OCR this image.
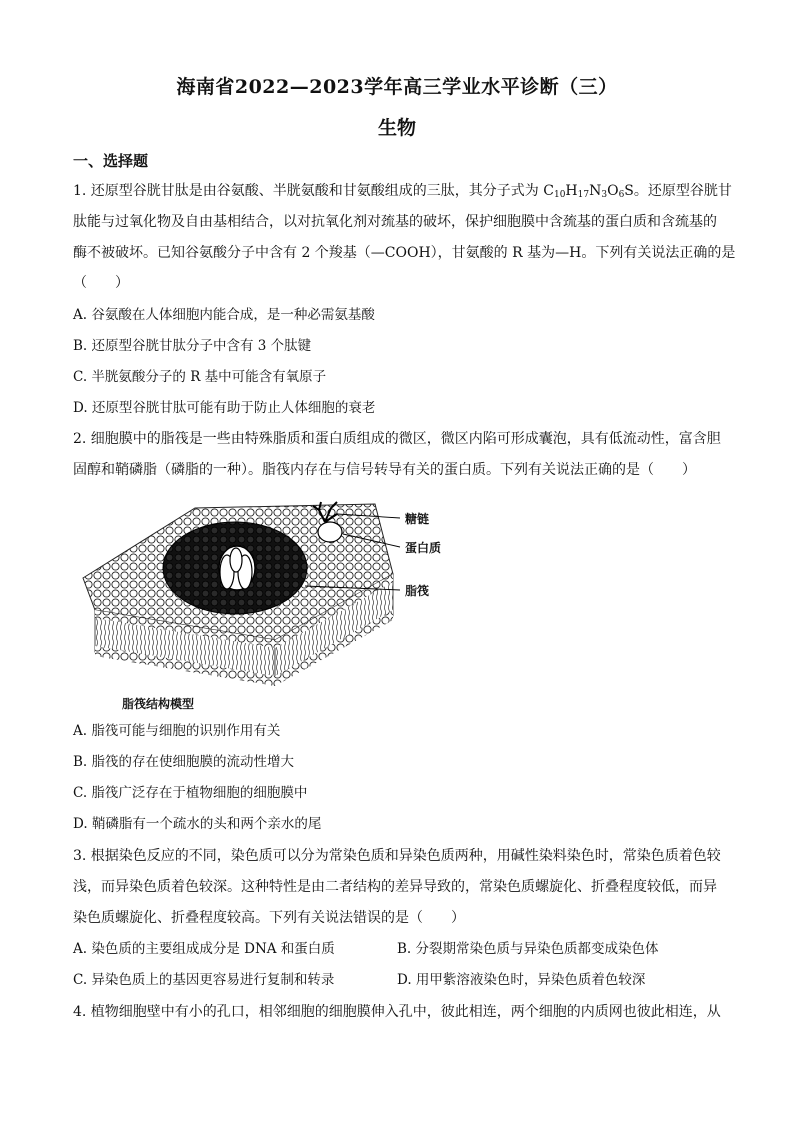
海南省2022—2023学年高三学业水平诊断（三）
生物
一、选择题
1. 还原型谷胱甘肽是由谷氨酸、半胱氨酸和甘氨酸组成的三肽，其分子式为 $C_{10}H_{17}N_3O_6S$。还原型谷胱甘
肽能与过氧化物及自由基相结合，以对抗氧化剂对巯基的破坏，保护细胞膜中含巯基的蛋白质和含巯基的
酶不被破坏。已知谷氨酸分子中含有 2 个羧基（—COOH），甘氨酸的 R 基为—H。下列有关说法正确的是
（　　）
A. 谷氨酸在人体细胞内能合成，是一种必需氨基酸
B. 还原型谷胱甘肽分子中含有 3 个肽键
C. 半胱氨酸分子的 R 基中可能含有氧原子
D. 还原型谷胱甘肽可能有助于防止人体细胞的衰老
2. 细胞膜中的脂筏是一些由特殊脂质和蛋白质组成的微区，微区内陷可形成囊泡，具有低流动性，富含胆
固醇和鞘磷脂（磷脂的一种）。脂筏内存在与信号转导有关的蛋白质。下列有关说法正确的是（　　）
糖链
蛋白质
脂筏
脂筏结构模型
A. 脂筏可能与细胞的识别作用有关
B. 脂筏的存在使细胞膜的流动性增大
C. 脂筏广泛存在于植物细胞的细胞膜中
D. 鞘磷脂有一个疏水的头和两个亲水的尾
3. 根据染色反应的不同，染色质可以分为常染色质和异染色质两种，用碱性染料染色时，常染色质着色较
浅，而异染色质着色较深。这种特性是由二者结构的差异导致的，常染色质螺旋化、折叠程度较低，而异
染色质螺旋化、折叠程度较高。下列有关说法错误的是（　　）
A. 染色质的主要组成成分是 DNA 和蛋白质	B. 分裂期常染色质与异染色质都变成染色体
C. 异染色质上的基因更容易进行复制和转录	D. 用甲紫溶液染色时，异染色质着色较深
4. 植物细胞壁中有小的孔口，相邻细胞的细胞膜伸入孔中，彼此相连，两个细胞的内质网也彼此相连，从
